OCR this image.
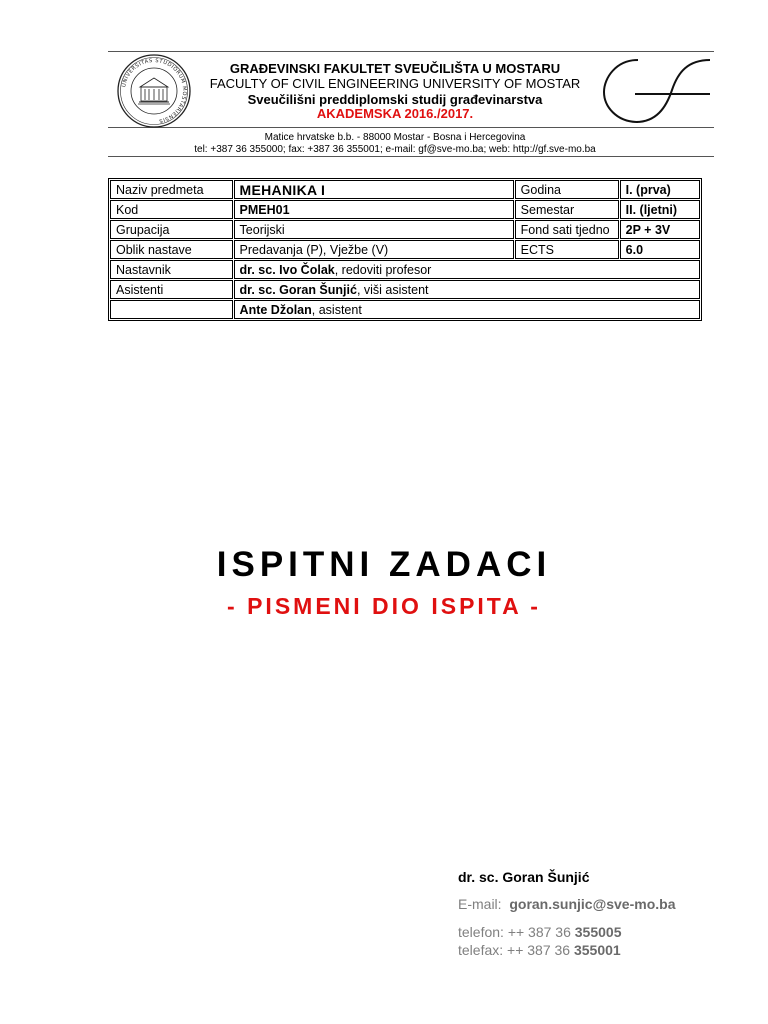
UNIVERSITAS STUDIORUM MOSTARIENSIS
GRAĐEVINSKI FAKULTET SVEUČILIŠTA U MOSTARU
FACULTY OF CIVIL ENGINEERING UNIVERSITY OF MOSTAR
Sveučilišni preddiplomski studij građevinarstva
AKADEMSKA 2016./2017.
Matice hrvatske b.b. - 88000 Mostar - Bosna i Hercegovina
tel: +387 36 355000; fax: +387 36 355001; e-mail: gf@sve-mo.ba; web: http://gf.sve-mo.ba
Naziv predmeta	MEHANIKA I	Godina	I. (prva)
Kod	PMEH01	Semestar	II. (ljetni)
Grupacija	Teorijski	Fond sati tjedno	2P + 3V
Oblik nastave	Predavanja (P), Vježbe (V)	ECTS	6.0
Nastavnik	dr. sc. Ivo Čolak, redoviti profesor		
Asistenti	dr. sc. Goran Šunjić, viši asistent		
	Ante Džolan, asistent		
ISPITNI ZADACI
- PISMENI DIO ISPITA -
dr. sc. Goran Šunjić
E-mail: goran.sunjic@sve-mo.ba
telefon: ++ 387 36 355005
telefax: ++ 387 36 355001
